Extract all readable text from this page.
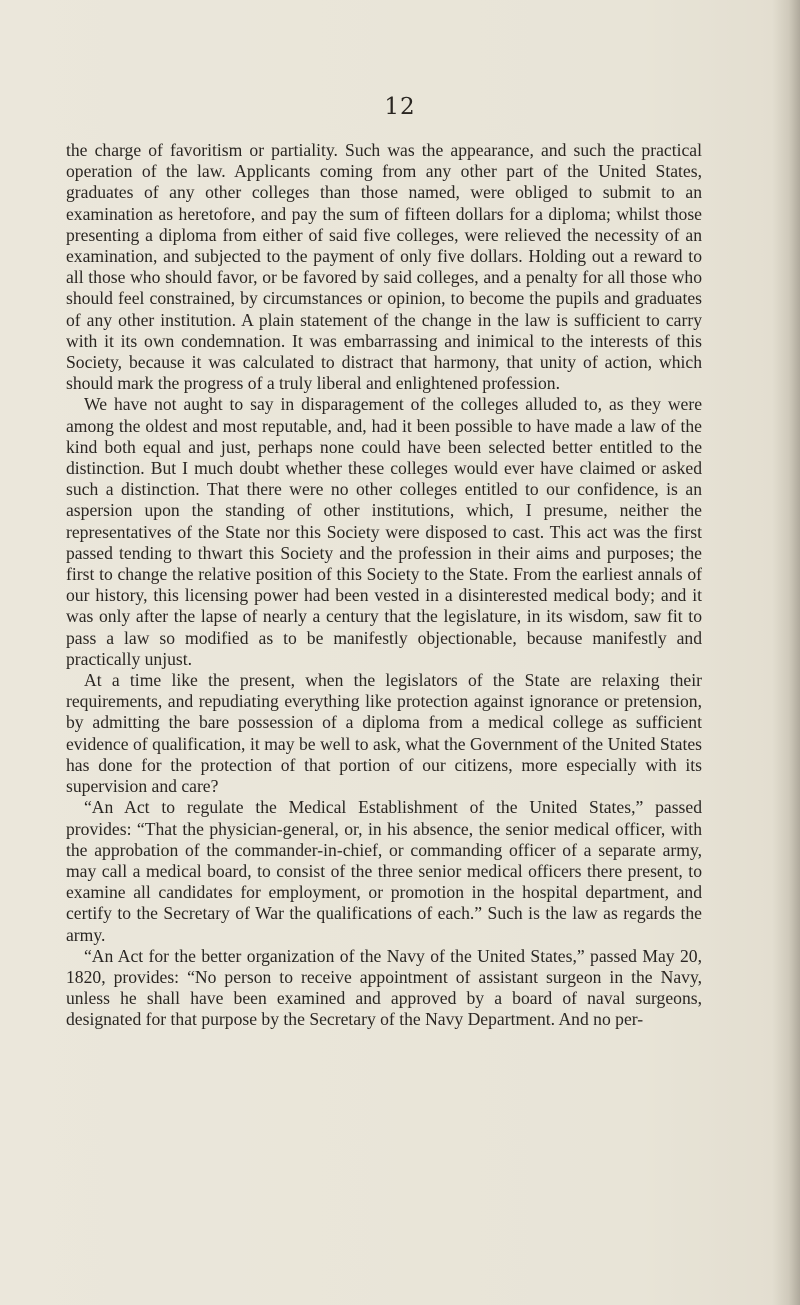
12

the charge of favoritism or partiality. Such was the appearance, and such the practical operation of the law. Applicants coming from any other part of the United States, graduates of any other colleges than those named, were obliged to submit to an examination as heretofore, and pay the sum of fifteen dollars for a diploma; whilst those presenting a diploma from either of said five colleges, were relieved the necessity of an examination, and subjected to the payment of only five dollars. Holding out a reward to all those who should favor, or be favored by said colleges, and a penalty for all those who should feel constrained, by circumstances or opinion, to become the pupils and graduates of any other institution. A plain statement of the change in the law is sufficient to carry with it its own condemnation. It was embarrassing and inimical to the interests of this Society, because it was calculated to distract that harmony, that unity of action, which should mark the progress of a truly liberal and enlightened profession.

We have not aught to say in disparagement of the colleges alluded to, as they were among the oldest and most reputable, and, had it been possible to have made a law of the kind both equal and just, perhaps none could have been selected better entitled to the distinction. But I much doubt whether these colleges would ever have claimed or asked such a distinction. That there were no other colleges entitled to our confidence, is an aspersion upon the standing of other institutions, which, I presume, neither the representatives of the State nor this Society were disposed to cast. This act was the first passed tending to thwart this Society and the profession in their aims and purposes; the first to change the relative position of this Society to the State. From the earliest annals of our history, this licensing power had been vested in a disinterested medical body; and it was only after the lapse of nearly a century that the legislature, in its wisdom, saw fit to pass a law so modified as to be manifestly objectionable, because manifestly and practically unjust.

At a time like the present, when the legislators of the State are relaxing their requirements, and repudiating everything like protection against ignorance or pretension, by admitting the bare possession of a diploma from a medical college as sufficient evidence of qualification, it may be well to ask, what the Government of the United States has done for the protection of that portion of our citizens, more especially with its supervision and care?

“An Act to regulate the Medical Establishment of the United States,” passed                provides: “That the physician-general, or, in his absence, the senior medical officer, with the approbation of the commander-in-chief, or commanding officer of a separate army, may call a medical board, to consist of the three senior medical officers there present, to examine all candidates for employment, or promotion in the hospital department, and certify to the Secretary of War the qualifications of each.” Such is the law as regards the army.

“An Act for the better organization of the Navy of the United States,” passed May 20, 1820, provides: “No person to receive appointment of assistant surgeon in the Navy, unless he shall have been examined and approved by a board of naval surgeons, designated for that purpose by the Secretary of the Navy Department. And no per-
